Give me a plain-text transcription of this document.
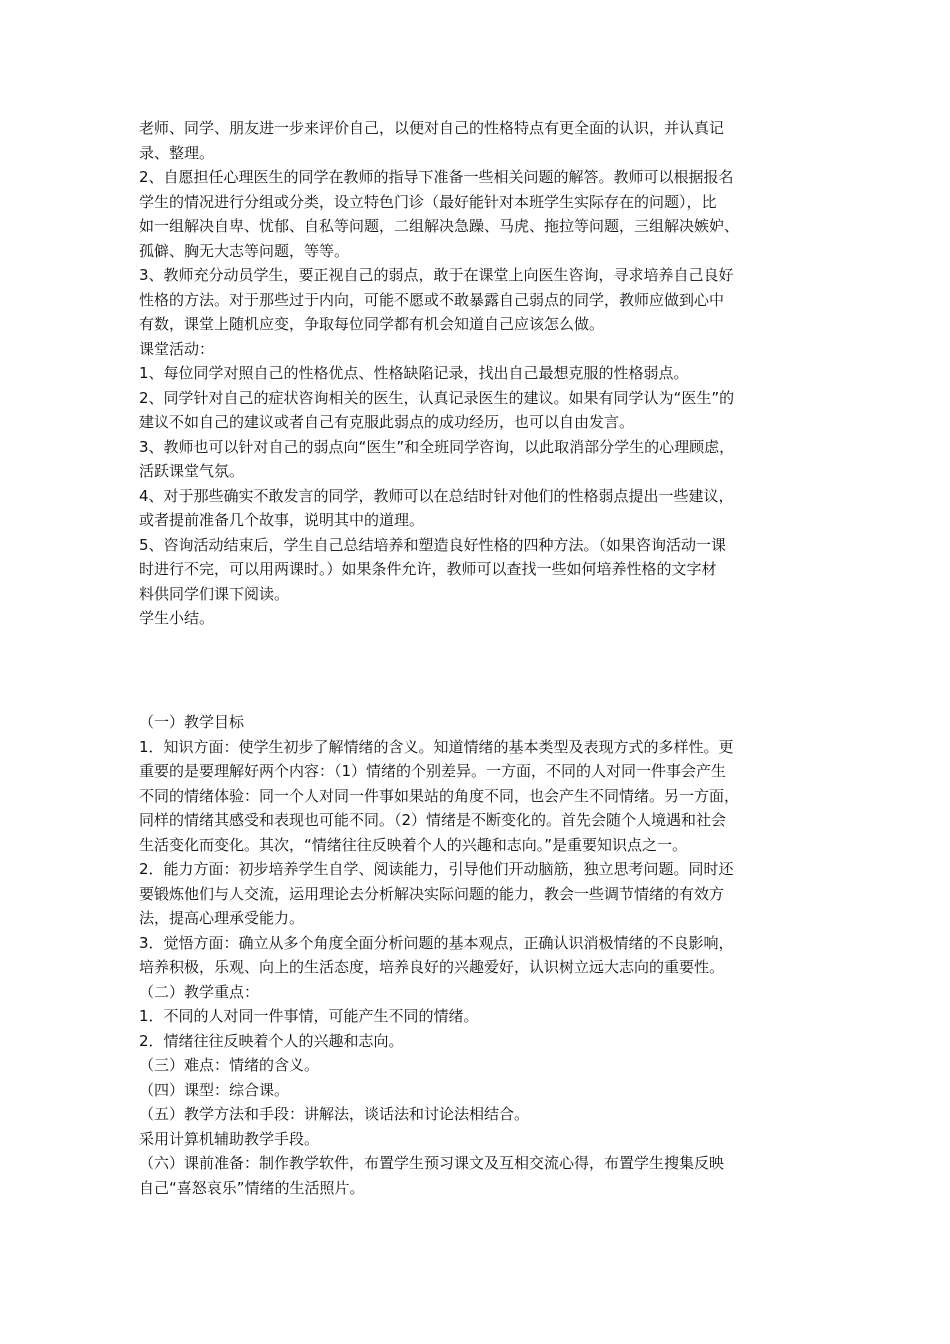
老师、同学、朋友进一步来评价自己，以便对自己的性格特点有更全面的认识，并认真记
录、整理。
2、自愿担任心理医生的同学在教师的指导下准备一些相关问题的解答。教师可以根据报名
学生的情况进行分组或分类，设立特色门诊（最好能针对本班学生实际存在的问题），比
如一组解决自卑、忧郁、自私等问题，二组解决急躁、马虎、拖拉等问题，三组解决嫉妒、
孤僻、胸无大志等问题，等等。
3、教师充分动员学生，要正视自己的弱点，敢于在课堂上向医生咨询，寻求培养自己良好
性格的方法。对于那些过于内向，可能不愿或不敢暴露自己弱点的同学，教师应做到心中
有数，课堂上随机应变，争取每位同学都有机会知道自己应该怎么做。
课堂活动：
1、每位同学对照自己的性格优点、性格缺陷记录，找出自己最想克服的性格弱点。
2、同学针对自己的症状咨询相关的医生，认真记录医生的建议。如果有同学认为“医生”的
建议不如自己的建议或者自己有克服此弱点的成功经历，也可以自由发言。
3、教师也可以针对自己的弱点向“医生”和全班同学咨询，以此取消部分学生的心理顾虑，
活跃课堂气氛。
4、对于那些确实不敢发言的同学，教师可以在总结时针对他们的性格弱点提出一些建议，
或者提前准备几个故事，说明其中的道理。
5、咨询活动结束后，学生自己总结培养和塑造良好性格的四种方法。（如果咨询活动一课
时进行不完，可以用两课时。）如果条件允许，教师可以查找一些如何培养性格的文字材
料供同学们课下阅读。
学生小结。
（一）教学目标
1．知识方面：使学生初步了解情绪的含义。知道情绪的基本类型及表现方式的多样性。更
重要的是要理解好两个内容：（1）情绪的个别差异。一方面，不同的人对同一件事会产生
不同的情绪体验：同一个人对同一件事如果站的角度不同，也会产生不同情绪。另一方面，
同样的情绪其感受和表现也可能不同。（2）情绪是不断变化的。首先会随个人境遇和社会
生活变化而变化。其次，“情绪往往反映着个人的兴趣和志向。”是重要知识点之一。
2．能力方面：初步培养学生自学、阅读能力，引导他们开动脑筋，独立思考问题。同时还
要锻炼他们与人交流，运用理论去分析解决实际问题的能力，教会一些调节情绪的有效方
法，提高心理承受能力。
3．觉悟方面：确立从多个角度全面分析问题的基本观点，正确认识消极情绪的不良影响，
培养积极，乐观、向上的生活态度，培养良好的兴趣爱好，认识树立远大志向的重要性。
（二）教学重点：
1．不同的人对同一件事情，可能产生不同的情绪。
2．情绪往往反映着个人的兴趣和志向。
（三）难点：情绪的含义。
（四）课型：综合课。
（五）教学方法和手段：讲解法，谈话法和讨论法相结合。
采用计算机辅助教学手段。
（六）课前准备：制作教学软件，布置学生预习课文及互相交流心得，布置学生搜集反映
自己“喜怒哀乐”情绪的生活照片。
